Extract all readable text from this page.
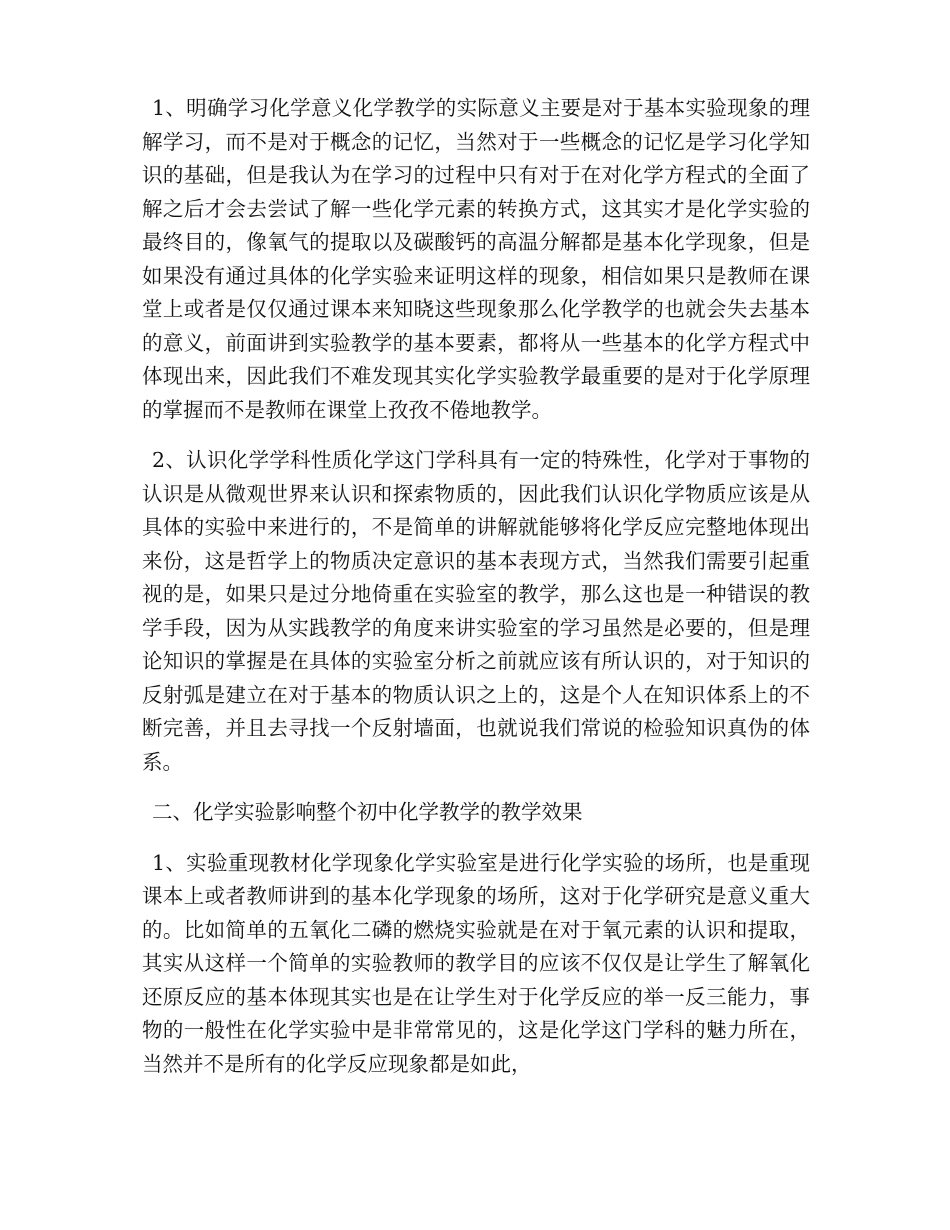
1、明确学习化学意义化学教学的实际意义主要是对于基本实验现象的理解学习，而不是对于概念的记忆，当然对于一些概念的记忆是学习化学知识的基础，但是我认为在学习的过程中只有对于在对化学方程式的全面了解之后才会去尝试了解一些化学元素的转换方式，这其实才是化学实验的最终目的，像氧气的提取以及碳酸钙的高温分解都是基本化学现象，但是如果没有通过具体的化学实验来证明这样的现象，相信如果只是教师在课堂上或者是仅仅通过课本来知晓这些现象那么化学教学的也就会失去基本的意义，前面讲到实验教学的基本要素，都将从一些基本的化学方程式中体现出来，因此我们不难发现其实化学实验教学最重要的是对于化学原理的掌握而不是教师在课堂上孜孜不倦地教学。

2、认识化学学科性质化学这门学科具有一定的特殊性，化学对于事物的认识是从微观世界来认识和探索物质的，因此我们认识化学物质应该是从具体的实验中来进行的，不是简单的讲解就能够将化学反应完整地体现出来份，这是哲学上的物质决定意识的基本表现方式，当然我们需要引起重视的是，如果只是过分地倚重在实验室的教学，那么这也是一种错误的教学手段，因为从实践教学的角度来讲实验室的学习虽然是必要的，但是理论知识的掌握是在具体的实验室分析之前就应该有所认识的，对于知识的反射弧是建立在对于基本的物质认识之上的，这是个人在知识体系上的不断完善，并且去寻找一个反射墙面，也就说我们常说的检验知识真伪的体系。

二、化学实验影响整个初中化学教学的教学效果

1、实验重现教材化学现象化学实验室是进行化学实验的场所，也是重现课本上或者教师讲到的基本化学现象的场所，这对于化学研究是意义重大的。比如简单的五氧化二磷的燃烧实验就是在对于氧元素的认识和提取，其实从这样一个简单的实验教师的教学目的应该不仅仅是让学生了解氧化还原反应的基本体现其实也是在让学生对于化学反应的举一反三能力，事物的一般性在化学实验中是非常常见的，这是化学这门学科的魅力所在，当然并不是所有的化学反应现象都是如此，
